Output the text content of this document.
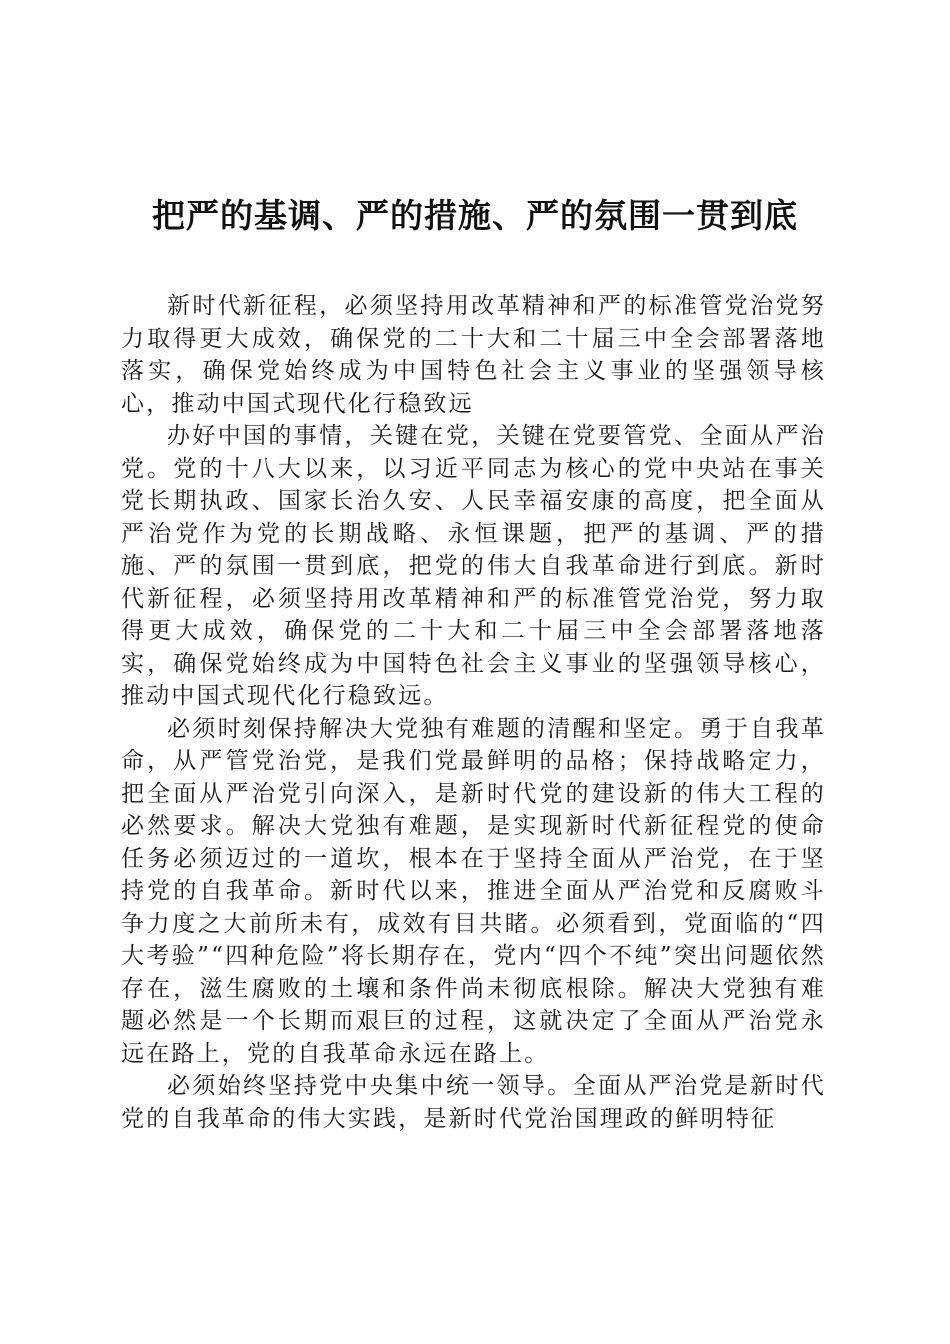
把严的基调、严的措施、严的氛围一贯到底

新时代新征程，必须坚持用改革精神和严的标准管党治党努力取得更大成效，确保党的二十大和二十届三中全会部署落地落实，确保党始终成为中国特色社会主义事业的坚强领导核心，推动中国式现代化行稳致远

办好中国的事情，关键在党，关键在党要管党、全面从严治党。党的十八大以来，以习近平同志为核心的党中央站在事关党长期执政、国家长治久安、人民幸福安康的高度，把全面从严治党作为党的长期战略、永恒课题，把严的基调、严的措施、严的氛围一贯到底，把党的伟大自我革命进行到底。新时代新征程，必须坚持用改革精神和严的标准管党治党，努力取得更大成效，确保党的二十大和二十届三中全会部署落地落实，确保党始终成为中国特色社会主义事业的坚强领导核心，推动中国式现代化行稳致远。

必须时刻保持解决大党独有难题的清醒和坚定。勇于自我革命，从严管党治党，是我们党最鲜明的品格；保持战略定力，把全面从严治党引向深入，是新时代党的建设新的伟大工程的必然要求。解决大党独有难题，是实现新时代新征程党的使命任务必须迈过的一道坎，根本在于坚持全面从严治党，在于坚持党的自我革命。新时代以来，推进全面从严治党和反腐败斗争力度之大前所未有，成效有目共睹。必须看到，党面临的“四大考验”“四种危险”将长期存在，党内“四个不纯”突出问题依然存在，滋生腐败的土壤和条件尚未彻底根除。解决大党独有难题必然是一个长期而艰巨的过程，这就决定了全面从严治党永远在路上，党的自我革命永远在路上。

必须始终坚持党中央集中统一领导。全面从严治党是新时代党的自我革命的伟大实践，是新时代党治国理政的鲜明特征
